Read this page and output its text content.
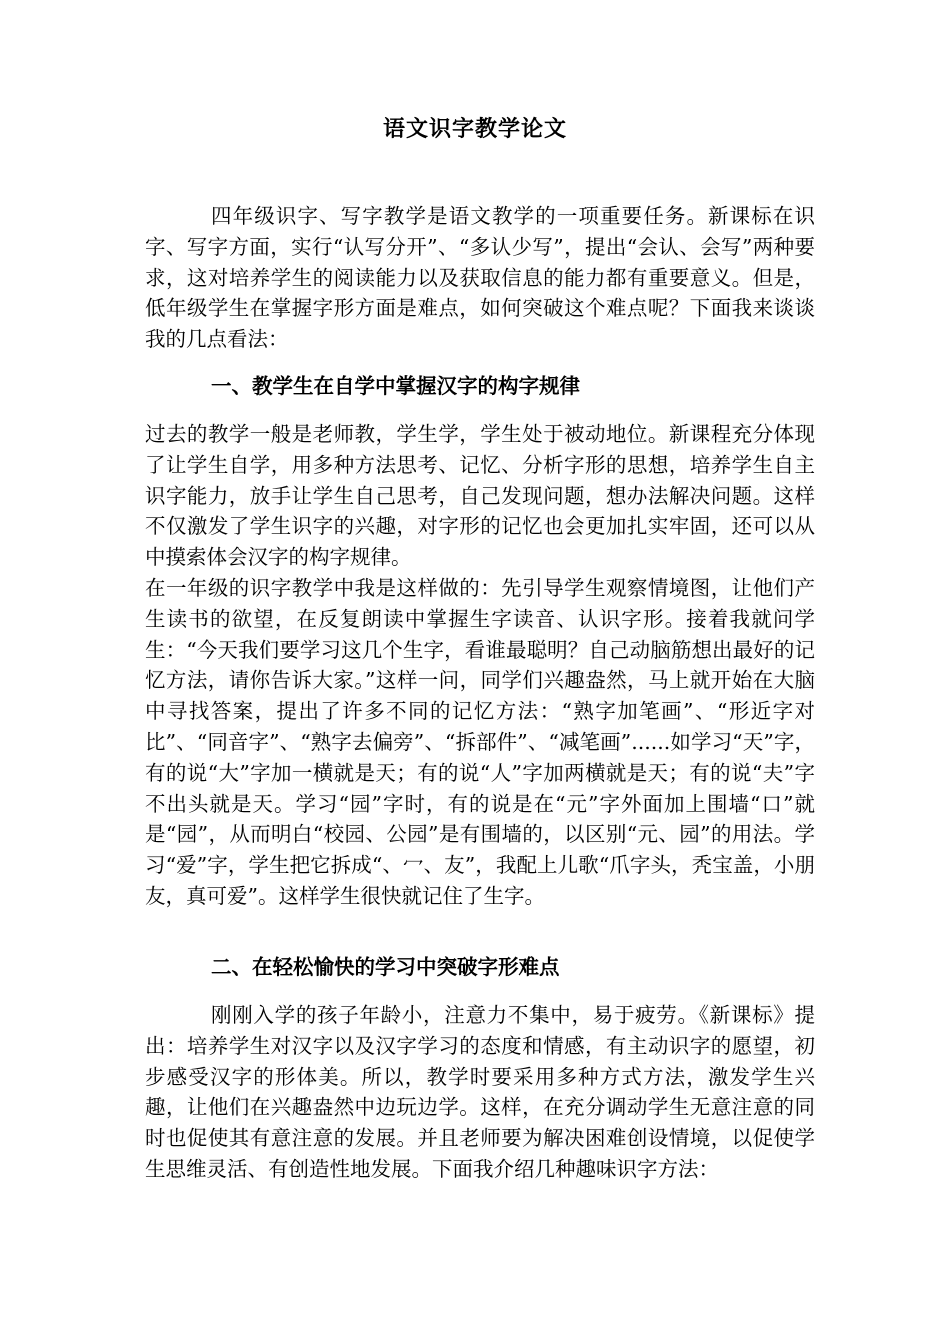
语文识字教学论文

四年级识字、写字教学是语文教学的一项重要任务。新课标在识字、写字方面，实行“认写分开”、“多认少写”，提出“会认、会写”两种要求，这对培养学生的阅读能力以及获取信息的能力都有重要意义。但是，低年级学生在掌握字形方面是难点，如何突破这个难点呢？下面我来谈谈我的几点看法：

一、教学生在自学中掌握汉字的构字规律

过去的教学一般是老师教，学生学，学生处于被动地位。新课程充分体现了让学生自学，用多种方法思考、记忆、分析字形的思想，培养学生自主识字能力，放手让学生自己思考，自己发现问题，想办法解决问题。这样不仅激发了学生识字的兴趣，对字形的记忆也会更加扎实牢固，还可以从中摸索体会汉字的构字规律。

在一年级的识字教学中我是这样做的：先引导学生观察情境图，让他们产生读书的欲望，在反复朗读中掌握生字读音、认识字形。接着我就问学生：“今天我们要学习这几个生字，看谁最聪明？自己动脑筋想出最好的记忆方法，请你告诉大家。”这样一问，同学们兴趣盎然，马上就开始在大脑中寻找答案，提出了许多不同的记忆方法：“熟字加笔画”、“形近字对比”、“同音字”、“熟字去偏旁”、“拆部件”、“减笔画”......如学习“天”字，有的说“大”字加一横就是天；有的说“人”字加两横就是天；有的说“夫”字不出头就是天。学习“园”字时，有的说是在“元”字外面加上围墙“口”就是“园”，从而明白“校园、公园”是有围墙的，以区别“元、园”的用法。学习“爱”字，学生把它拆成“、冖、友”，我配上儿歌“爪字头，秃宝盖，小朋友，真可爱”。这样学生很快就记住了生字。

二、在轻松愉快的学习中突破字形难点

刚刚入学的孩子年龄小，注意力不集中，易于疲劳。《新课标》提出：培养学生对汉字以及汉字学习的态度和情感，有主动识字的愿望，初步感受汉字的形体美。所以，教学时要采用多种方式方法，激发学生兴趣，让他们在兴趣盎然中边玩边学。这样，在充分调动学生无意注意的同时也促使其有意注意的发展。并且老师要为解决困难创设情境，以促使学生思维灵活、有创造性地发展。下面我介绍几种趣味识字方法：
